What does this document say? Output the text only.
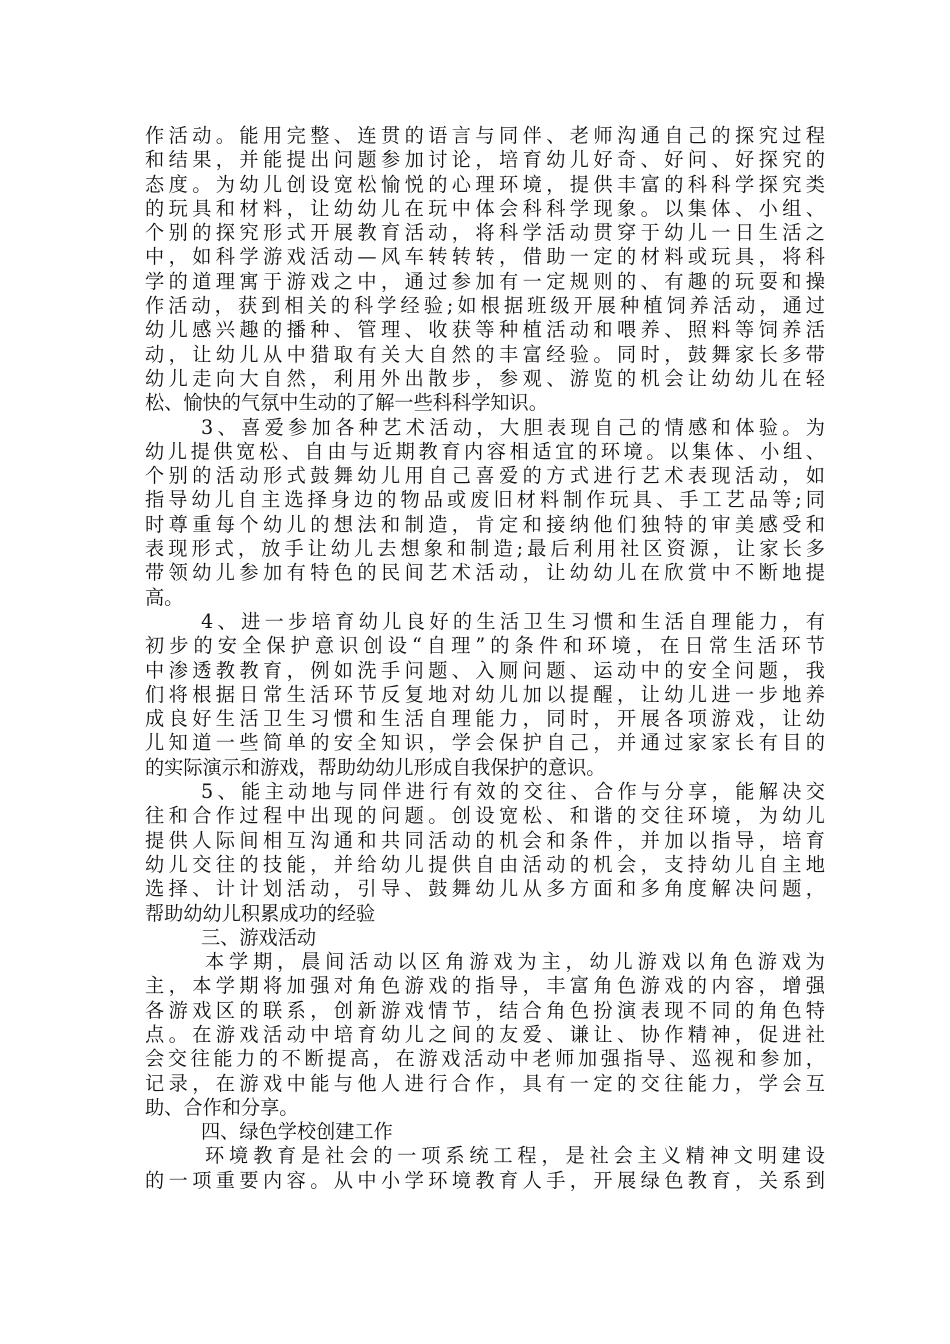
作活动。能用完整、连贯的语言与同伴、老师沟通自己的探究过程
和结果，并能提出问题参加讨论，培育幼儿好奇、好问、好探究的
态度。为幼儿创设宽松愉悦的心理环境，提供丰富的科科学探究类
的玩具和材料，让幼幼儿在玩中体会科科学现象。以集体、小组、
个别的探究形式开展教育活动，将科学活动贯穿于幼儿一日生活之
中，如科学游戏活动—风车转转转，借助一定的材料或玩具，将科
学的道理寓于游戏之中，通过参加有一定规则的、有趣的玩耍和操
作活动，获到相关的科学经验;如根据班级开展种植饲养活动，通过
幼儿感兴趣的播种、管理、收获等种植活动和喂养、照料等饲养活
动，让幼儿从中猎取有关大自然的丰富经验。同时，鼓舞家长多带
幼儿走向大自然，利用外出散步，参观、游览的机会让幼幼儿在轻
松、愉快的气氛中生动的了解一些科科学知识。
3、喜爱参加各种艺术活动，大胆表现自己的情感和体验。为
幼儿提供宽松、自由与近期教育内容相适宜的环境。以集体、小组、
个别的活动形式鼓舞幼儿用自己喜爱的方式进行艺术表现活动，如
指导幼儿自主选择身边的物品或废旧材料制作玩具、手工艺品等;同
时尊重每个幼儿的想法和制造，肯定和接纳他们独特的审美感受和
表现形式，放手让幼儿去想象和制造;最后利用社区资源，让家长多
带领幼儿参加有特色的民间艺术活动，让幼幼儿在欣赏中不断地提
高。
4、进一步培育幼儿良好的生活卫生习惯和生活自理能力，有
初步的安全保护意识创设“自理”的条件和环境，在日常生活环节
中渗透教教育，例如洗手问题、入厕问题、运动中的安全问题，我
们将根据日常生活环节反复地对幼儿加以提醒，让幼儿进一步地养
成良好生活卫生习惯和生活自理能力，同时，开展各项游戏，让幼
儿知道一些简单的安全知识，学会保护自己，并通过家家长有目的
的实际演示和游戏，帮助幼幼儿形成自我保护的意识。
5、能主动地与同伴进行有效的交往、合作与分享，能解决交
往和合作过程中出现的问题。创设宽松、和谐的交往环境，为幼儿
提供人际间相互沟通和共同活动的机会和条件，并加以指导，培育
幼儿交往的技能，并给幼儿提供自由活动的机会，支持幼儿自主地
选择、计计划活动，引导、鼓舞幼儿从多方面和多角度解决问题，
帮助幼幼儿积累成功的经验
三、游戏活动
本学期，晨间活动以区角游戏为主，幼儿游戏以角色游戏为
主，本学期将加强对角色游戏的指导，丰富角色游戏的内容，增强
各游戏区的联系，创新游戏情节，结合角色扮演表现不同的角色特
点。在游戏活动中培育幼儿之间的友爱、谦让、协作精神，促进社
会交往能力的不断提高，在游戏活动中老师加强指导、巡视和参加，
记录，在游戏中能与他人进行合作，具有一定的交往能力，学会互
助、合作和分享。
四、绿色学校创建工作
环境教育是社会的一项系统工程，是社会主义精神文明建设
的一项重要内容。从中小学环境教育人手，开展绿色教育，关系到
